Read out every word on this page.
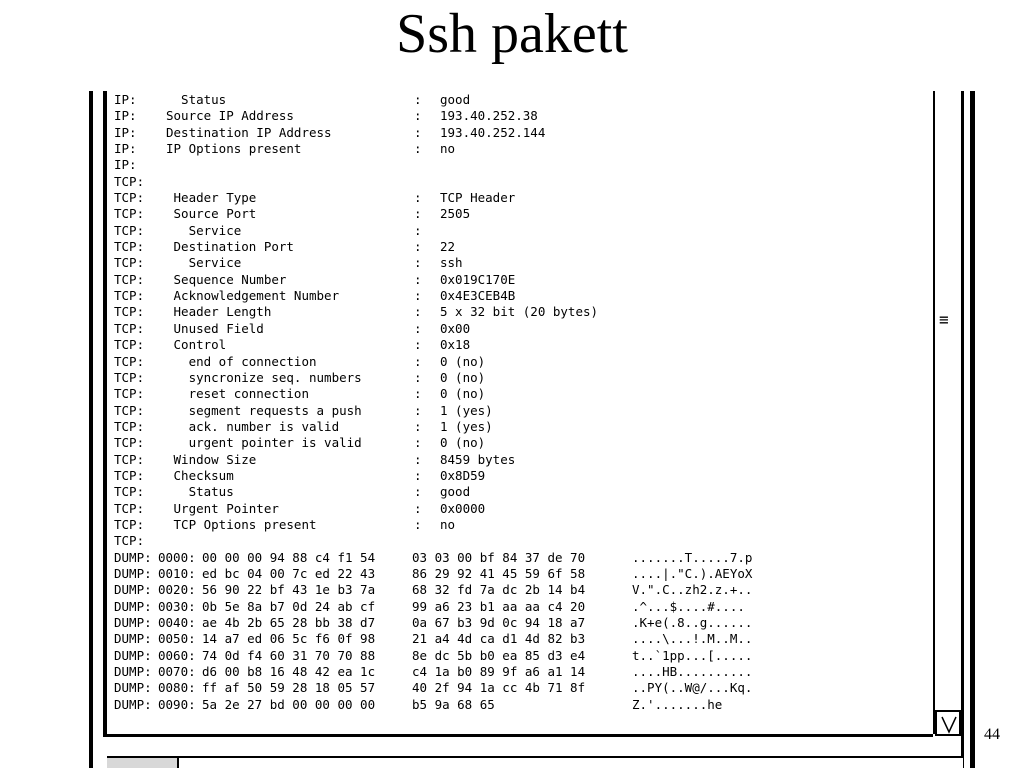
Ssh pakett
IP:  Status	: good
IP: Source IP Address	: 193.40.252.38
IP: Destination IP Address	: 193.40.252.144
IP: IP Options present	: no
IP:
TCP:
TCP: Header Type	: TCP Header
TCP: Source Port	: 2505
TCP:   Service	:
TCP: Destination Port	: 22
TCP:   Service	: ssh
TCP: Sequence Number	: 0x019C170E
TCP: Acknowledgement Number	: 0x4E3CEB4B
TCP: Header Length	: 5 x 32 bit (20 bytes)
TCP: Unused Field	: 0x00
TCP: Control	: 0x18
TCP:   end of connection	: 0 (no)
TCP:   syncronize seq. numbers	: 0 (no)
TCP:   reset connection	: 0 (no)
TCP:   segment requests a push	: 1 (yes)
TCP:   ack. number is valid	: 1 (yes)
TCP:   urgent pointer is valid	: 0 (no)
TCP: Window Size	: 8459 bytes
TCP: Checksum	: 0x8D59
TCP:   Status	: good
TCP: Urgent Pointer	: 0x0000
TCP: TCP Options present	: no
TCP:
DUMP: 0000: 00 00 00 94 88 c4 f1 54	03 03 00 bf 84 37 de 70	.......T.....7.p
DUMP: 0010: ed bc 04 00 7c ed 22 43	86 29 92 41 45 59 6f 58	....|."C.).AEYoX
DUMP: 0020: 56 90 22 bf 43 1e b3 7a	68 32 fd 7a dc 2b 14 b4	V.".C..zh2.z.+..
DUMP: 0030: 0b 5e 8a b7 0d 24 ab cf	99 a6 23 b1 aa aa c4 20	.^...$....#....
DUMP: 0040: ae 4b 2b 65 28 bb 38 d7	0a 67 b3 9d 0c 94 18 a7	.K+e(.8..g......
DUMP: 0050: 14 a7 ed 06 5c f6 0f 98	21 a4 4d ca d1 4d 82 b3	....\...!.M..M..
DUMP: 0060: 74 0d f4 60 31 70 70 88	8e dc 5b b0 ea 85 d3 e4	t..`1pp...[.....
DUMP: 0070: d6 00 b8 16 48 42 ea 1c	c4 1a b0 89 9f a6 a1 14	....HB..........
DUMP: 0080: ff af 50 59 28 18 05 57	40 2f 94 1a cc 4b 71 8f	..PY(..W@/...Kq.
DUMP: 0090: 5a 2e 27 bd 00 00 00 00	b5 9a 68 65	Z.'.......he
≡
44
